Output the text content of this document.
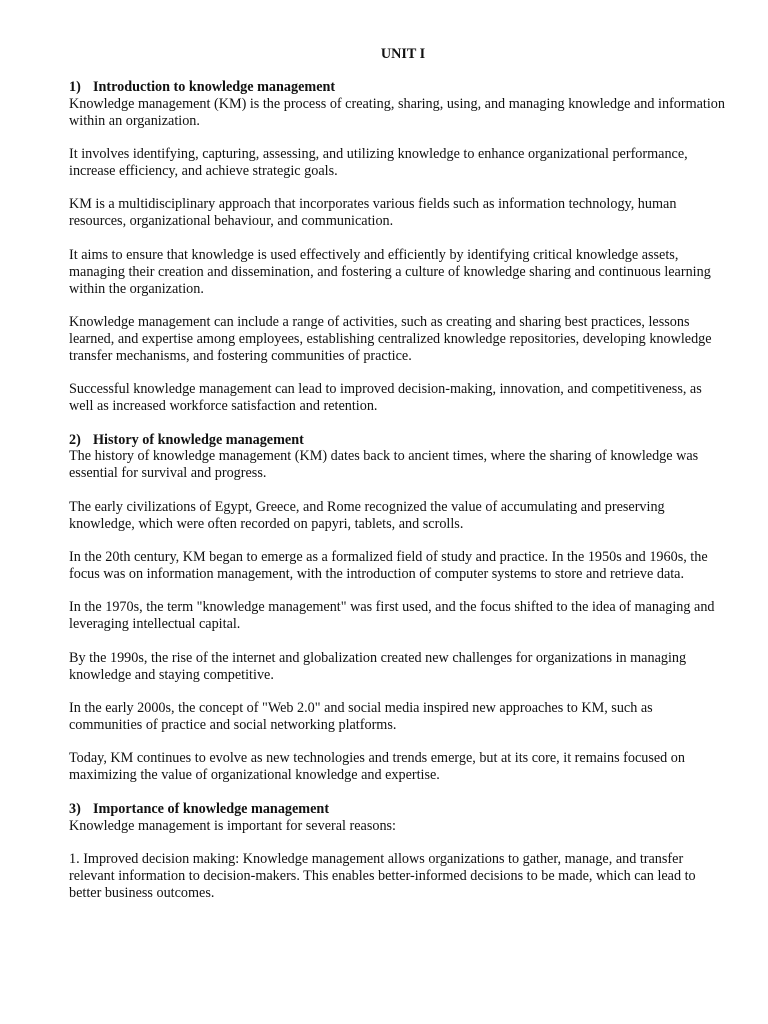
UNIT I
1) Introduction to knowledge management

Knowledge management (KM) is the process of creating, sharing, using, and managing knowledge and information within an organization.

It involves identifying, capturing, assessing, and utilizing knowledge to enhance organizational performance, increase efficiency, and achieve strategic goals.

KM is a multidisciplinary approach that incorporates various fields such as information technology, human resources, organizational behaviour, and communication.

It aims to ensure that knowledge is used effectively and efficiently by identifying critical knowledge assets, managing their creation and dissemination, and fostering a culture of knowledge sharing and continuous learning within the organization.

Knowledge management can include a range of activities, such as creating and sharing best practices, lessons learned, and expertise among employees, establishing centralized knowledge repositories, developing knowledge transfer mechanisms, and fostering communities of practice.

Successful knowledge management can lead to improved decision-making, innovation, and competitiveness, as well as increased workforce satisfaction and retention.

2) History of knowledge management

The history of knowledge management (KM) dates back to ancient times, where the sharing of knowledge was essential for survival and progress.

The early civilizations of Egypt, Greece, and Rome recognized the value of accumulating and preserving knowledge, which were often recorded on papyri, tablets, and scrolls.

In the 20th century, KM began to emerge as a formalized field of study and practice. In the 1950s and 1960s, the focus was on information management, with the introduction of computer systems to store and retrieve data.

In the 1970s, the term "knowledge management" was first used, and the focus shifted to the idea of managing and leveraging intellectual capital.

By the 1990s, the rise of the internet and globalization created new challenges for organizations in managing knowledge and staying competitive.

In the early 2000s, the concept of "Web 2.0" and social media inspired new approaches to KM, such as communities of practice and social networking platforms.

Today, KM continues to evolve as new technologies and trends emerge, but at its core, it remains focused on maximizing the value of organizational knowledge and expertise.

3) Importance of knowledge management

Knowledge management is important for several reasons:

1. Improved decision making: Knowledge management allows organizations to gather, manage, and transfer relevant information to decision-makers. This enables better-informed decisions to be made, which can lead to better business outcomes.
